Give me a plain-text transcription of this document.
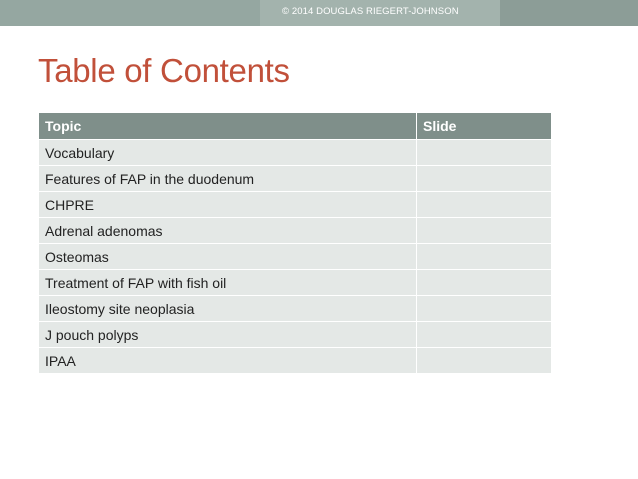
© 2014 DOUGLAS RIEGERT-JOHNSON
Table of Contents
Topic	Slide
Vocabulary	
Features of FAP in the duodenum	
CHPRE	
Adrenal adenomas	
Osteomas	
Treatment of FAP with fish oil	
Ileostomy site neoplasia	
J pouch polyps	
IPAA	
